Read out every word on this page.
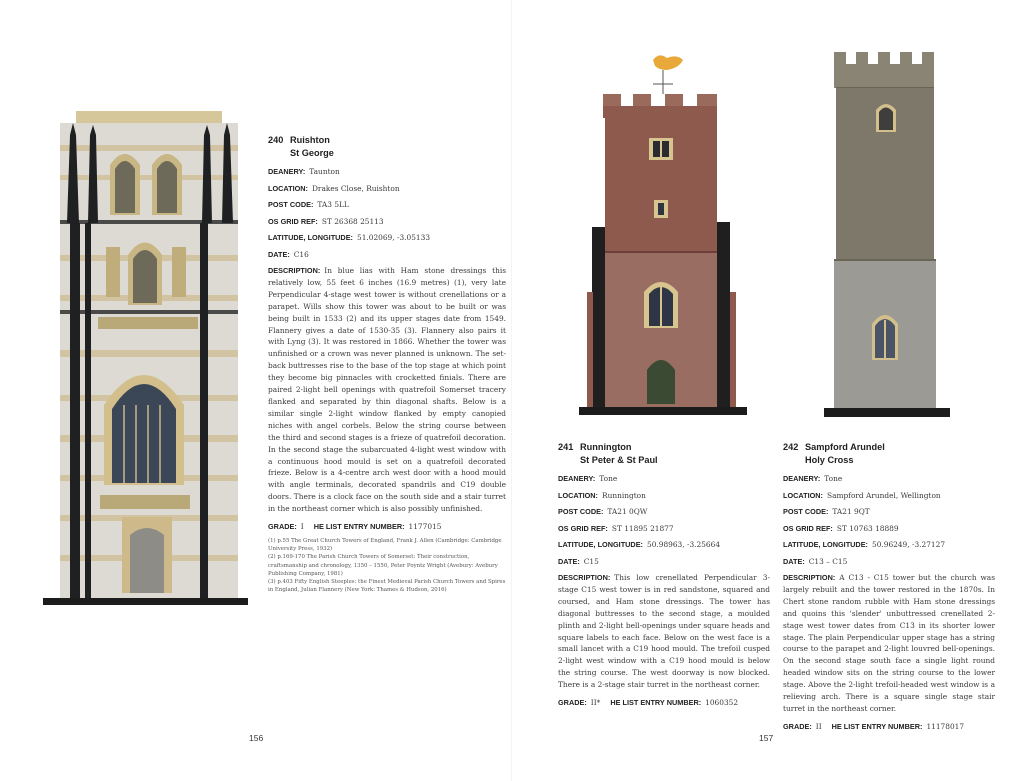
240 Ruishton
St George
DEANERY: Taunton
LOCATION: Drakes Close, Ruishton
POST CODE: TA3 5LL
OS GRID REF: ST 26368 25113
LATITUDE, LONGITUDE: 51.02069, -3.05133
DATE: C16
DESCRIPTION: In blue lias with Ham stone dressings this relatively low, 55 feet 6 inches (16.9 metres) (1), very late Perpendicular 4-stage west tower is without crenellations or a parapet. Wills show this tower was about to be built or was being built in 1533 (2) and its upper stages date from 1549. Flannery gives a date of 1530-35 (3). Flannery also pairs it with Lyng (3). It was restored in 1866. Whether the tower was unfinished or a crown was never planned is unknown. The set-back buttresses rise to the base of the top stage at which point they become big pinnacles with crocketted finials. There are paired 2-light bell openings with quatrefoil Somerset tracery flanked and separated by thin diagonal shafts. Below is a similar single 2-light window flanked by empty canopied niches with angel corbels. Below the string course between the third and second stages is a frieze of quatrefoil decoration. In the second stage the subarcuated 4-light west window with a continuous hood mould is set on a quatrefoil decorated frieze. Below is a 4-centre arch west door with a hood mould with angle terminals, decorated spandrils and C19 double doors. There is a clock face on the south side and a stair turret in the northeast corner which is also possibly unfinished.
GRADE: I HE LIST ENTRY NUMBER: 1177015
(1) p.55 The Great Church Towers of England, Frank J. Allen (Cambridge: Cambridge University Press, 1932)
(2) p.169-170 The Parish Church Towers of Somerset: Their construction, craftsmanship and chronology, 1350 – 1550, Peter Poyntz Wright (Avebury: Avebury Publishing Company, 1981)
(3) p.403 Fifty English Steeples: the Finest Medieval Parish Church Towers and Spires in England, Julian Flannery (New York: Thames & Hudson, 2016)
156
241 Runnington
St Peter & St Paul
DEANERY: Tone
LOCATION: Runnington
POST CODE: TA21 0QW
OS GRID REF: ST 11895 21877
LATITUDE, LONGITUDE: 50.98963, -3.25664
DATE: C15
DESCRIPTION: This low crenellated Perpendicular 3-stage C15 west tower is in red sandstone, squared and coursed, and Ham stone dressings. The tower has diagonal buttresses to the second stage, a moulded plinth and 2-light bell-openings under square heads and square labels to each face. Below on the west face is a small lancet with a C19 hood mould. The trefoil cusped 2-light west window with a C19 hood mould is below the string course. The west doorway is now blocked. There is a 2-stage stair turret in the northeast corner.
GRADE: II* HE LIST ENTRY NUMBER: 1060352
242 Sampford Arundel
Holy Cross
DEANERY: Tone
LOCATION: Sampford Arundel, Wellington
POST CODE: TA21 9QT
OS GRID REF: ST 10763 18889
LATITUDE, LONGITUDE: 50.96249, -3.27127
DATE: C13 – C15
DESCRIPTION: A C13 - C15 tower but the church was largely rebuilt and the tower restored in the 1870s. In Chert stone random rubble with Ham stone dressings and quoins this 'slender' unbuttressed crenellated 2-stage west tower dates from C13 in its shorter lower stage. The plain Perpendicular upper stage has a string course to the parapet and 2-light louvred bell-openings. On the second stage south face a single light round headed window sits on the string course to the lower stage. Above the 2-light trefoil-headed west window is a relieving arch. There is a square single stage stair turret in the northeast corner.
GRADE: II HE LIST ENTRY NUMBER: 11178017
157
